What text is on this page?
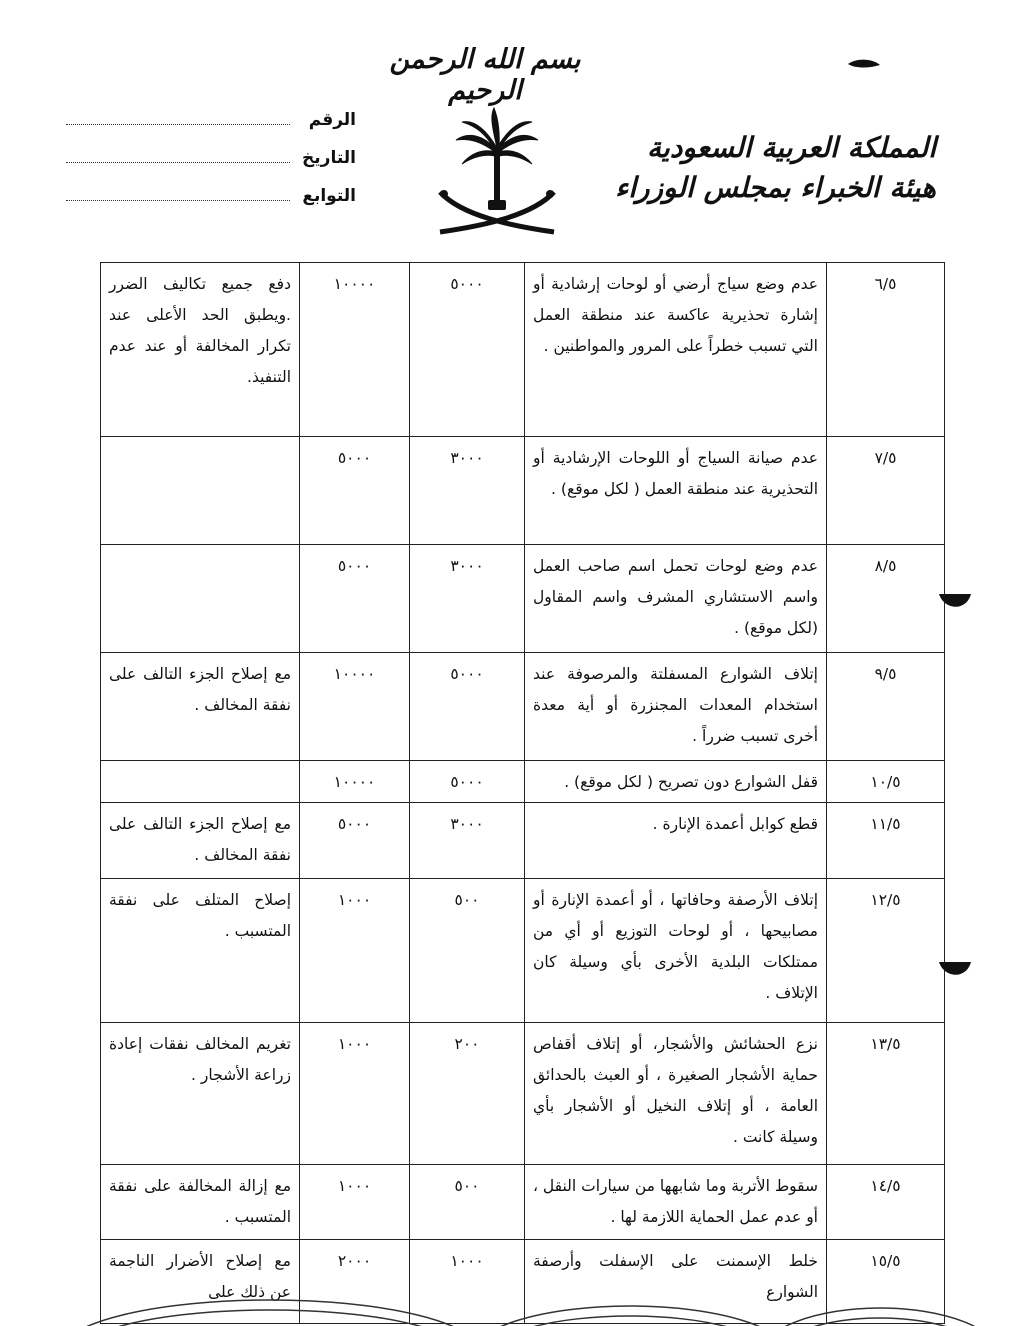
بسم الله الرحمن الرحيم
الرقم
التاريخ
التوابع
المملكة العربية السعودية
هيئة الخبراء بمجلس الوزراء
٦/٥	عدم وضع سياج أرضي أو لوحات إرشادية أو إشارة تحذيرية عاكسة عند منطقة العمل التي تسبب خطراً على المرور والمواطنين .	٥٠٠٠	١٠٠٠٠	دفع جميع تكاليف الضرر .ويطبق الحد الأعلى عند تكرار المخالفة أو عند عدم التنفيذ.
٧/٥	عدم صيانة السياج أو اللوحات الإرشادية أو التحذيرية عند منطقة العمل ( لكل موقع) .	٣٠٠٠	٥٠٠٠	
٨/٥	عدم وضع لوحات تحمل اسم صاحب العمل واسم الاستشاري المشرف واسم المقاول (لكل موقع) .	٣٠٠٠	٥٠٠٠	
٩/٥	إتلاف الشوارع المسفلتة والمرصوفة عند استخدام المعدات المجنزرة أو أية معدة أخرى تسبب ضرراً .	٥٠٠٠	١٠٠٠٠	مع إصلاح الجزء التالف على نفقة المخالف .
١٠/٥	قفل الشوارع دون تصريح ( لكل موقع) .	٥٠٠٠	١٠٠٠٠	
١١/٥	قطع كوابل أعمدة الإنارة .	٣٠٠٠	٥٠٠٠	مع إصلاح الجزء التالف على نفقة المخالف .
١٢/٥	إتلاف الأرصفة وحافاتها ، أو أعمدة الإنارة أو مصابيحها ، أو لوحات التوزيع أو أي من ممتلكات البلدية الأخرى بأي وسيلة كان الإتلاف .	٥٠٠	١٠٠٠	إصلاح المتلف على نفقة المتسبب .
١٣/٥	نزع الحشائش والأشجار، أو إتلاف أقفاص حماية الأشجار الصغيرة ، أو العبث بالحدائق العامة ، أو إتلاف النخيل أو الأشجار بأي وسيلة كانت .	٢٠٠	١٠٠٠	تغريم المخالف نفقات إعادة زراعة الأشجار .
١٤/٥	سقوط الأتربة وما شابهها من سيارات النقل ، أو عدم عمل الحماية اللازمة لها .	٥٠٠	١٠٠٠	مع إزالة المخالفة على نفقة المتسبب .
١٥/٥	خلط الإسمنت على الإسفلت وأرصفة الشوارع	١٠٠٠	٢٠٠٠	مع إصلاح الأضرار الناجمة عن ذلك على
